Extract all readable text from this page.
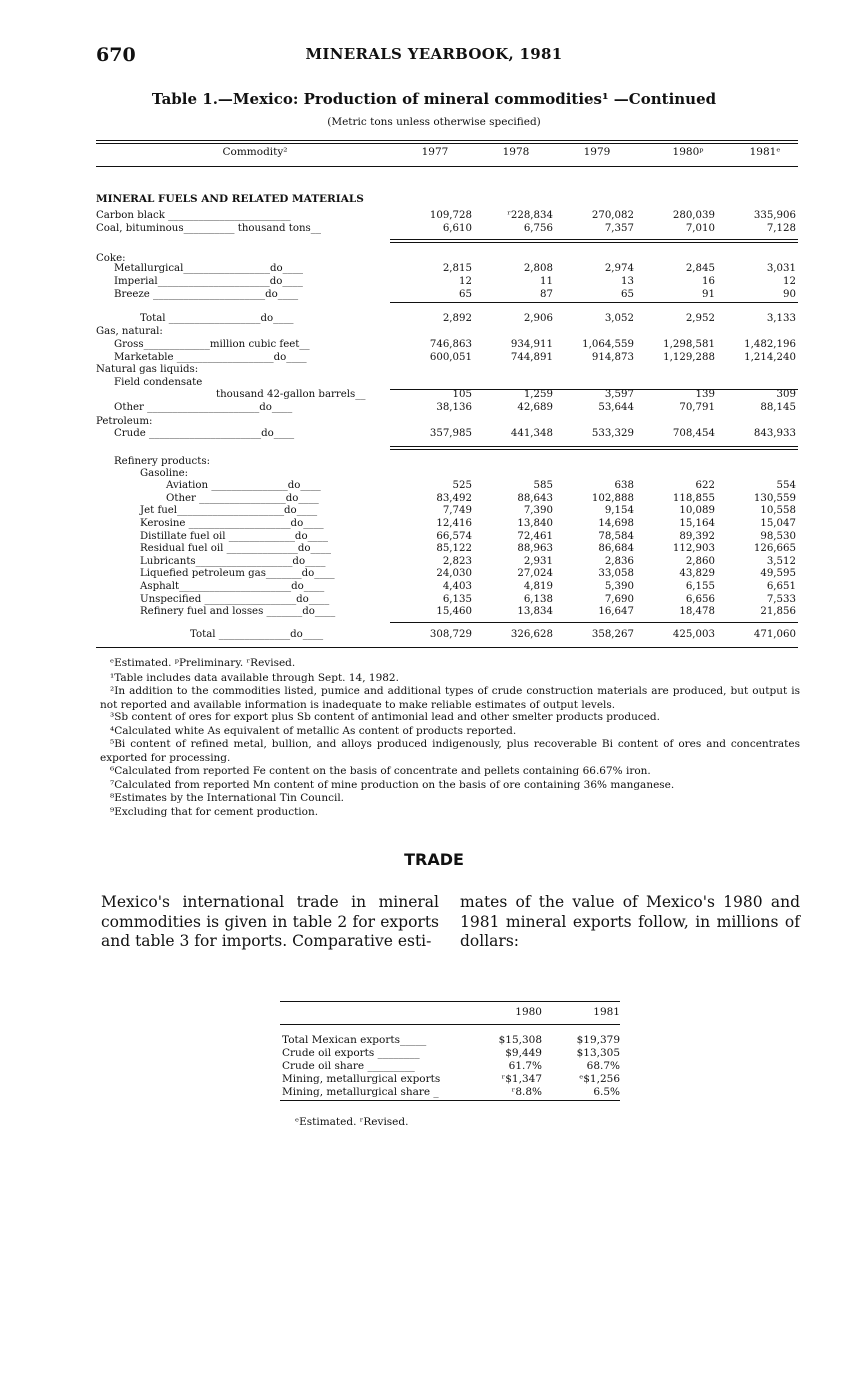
670	MINERALS YEARBOOK, 1981
Table 1.—Mexico: Production of mineral commodities¹ —Continued
(Metric tons unless otherwise specified)
Commodity²	1977	1978	1979	1980ᵖ	1981ᵉ
MINERAL FUELS AND RELATED MATERIALS
Carbon black ________________________	109,728	ʳ228,834	270,082	280,039	335,906
Coal, bituminous__________ thousand tons__	6,610	6,756	7,357	7,010	7,128
Coke:
Metallurgical_________________do____	2,815	2,808	2,974	2,845	3,031
Imperial______________________do____	12	11	13	16	12
Breeze ______________________do____	65	87	65	91	90
Total __________________do____	2,892	2,906	3,052	2,952	3,133
Gas, natural:
Gross_____________million cubic feet__	746,863	934,911	1,064,559	1,298,581	1,482,196
Marketable ___________________do____	600,051	744,891	914,873	1,129,288	1,214,240
Natural gas liquids:
Field condensate
thousand 42-gallon barrels__	105	1,259	3,597	139	309
Other ______________________do____	38,136	42,689	53,644	70,791	88,145
Petroleum:
Crude ______________________do____	357,985	441,348	533,329	708,454	843,933
Refinery products:
Gasoline:
Aviation _______________do____	525	585	638	622	554
Other _________________do____	83,492	88,643	102,888	118,855	130,559
Jet fuel_____________________do____	7,749	7,390	9,154	10,089	10,558
Kerosine ____________________do____	12,416	13,840	14,698	15,164	15,047
Distillate fuel oil _____________do____	66,574	72,461	78,584	89,392	98,530
Residual fuel oil ______________do____	85,122	88,963	86,684	112,903	126,665
Lubricants___________________do____	2,823	2,931	2,836	2,860	3,512
Liquefied petroleum gas_______do____	24,030	27,024	33,058	43,829	49,595
Asphalt______________________do____	4,403	4,819	5,390	6,155	6,651
Unspecified __________________do____	6,135	6,138	7,690	6,656	7,533
Refinery fuel and losses _______do____	15,460	13,834	16,647	18,478	21,856
Total ______________do____	308,729	326,628	358,267	425,003	471,060
ᵉEstimated. ᵖPreliminary. ʳRevised.
¹Table includes data available through Sept. 14, 1982.
²In addition to the commodities listed, pumice and additional types of crude construction materials are produced, but output is not reported and available information is inadequate to make reliable estimates of output levels.
³Sb content of ores for export plus Sb content of antimonial lead and other smelter products produced.
⁴Calculated white As equivalent of metallic As content of products reported.
⁵Bi content of refined metal, bullion, and alloys produced indigenously, plus recoverable Bi content of ores and concentrates exported for processing.
⁶Calculated from reported Fe content on the basis of concentrate and pellets containing 66.67% iron.
⁷Calculated from reported Mn content of mine production on the basis of ore containing 36% manganese.
⁸Estimates by the International Tin Council.
⁹Excluding that for cement production.
TRADE
Mexico's international trade in mineral commodities is given in table 2 for exports and table 3 for imports. Comparative esti-
mates of the value of Mexico's 1980 and 1981 mineral exports follow, in millions of dollars:
1980	1981
Total Mexican exports_____	$15,308	$19,379
Crude oil exports ________	$9,449	$13,305
Crude oil share _________	61.7%	68.7%
Mining, metallurgical exports	ʳ$1,347	ᵉ$1,256
Mining, metallurgical share _	ʳ8.8%	6.5%
ᵉEstimated. ʳRevised.
